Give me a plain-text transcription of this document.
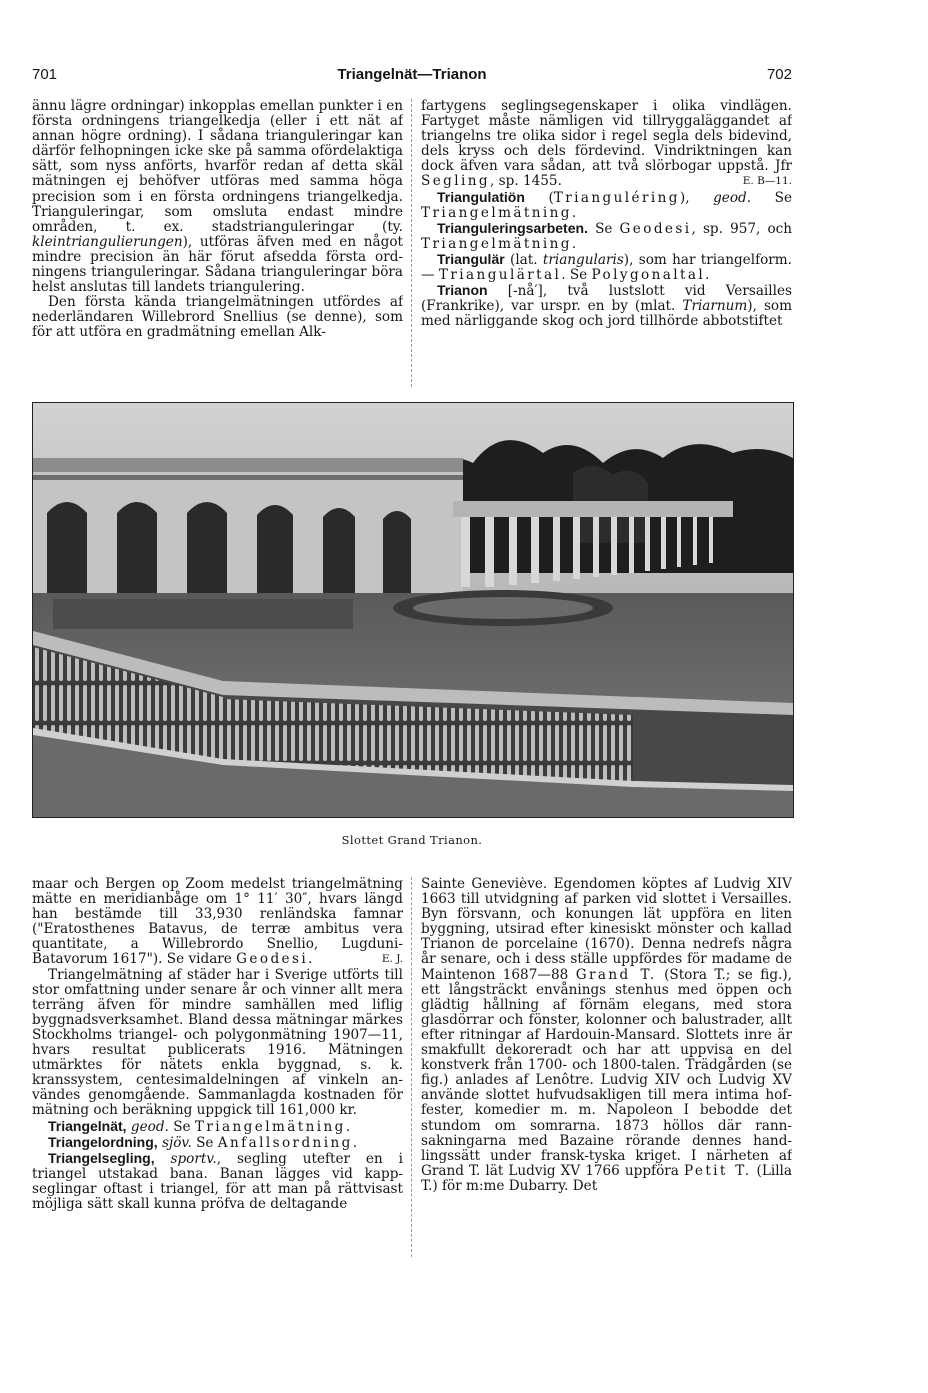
701	Triangelnät—Trianon	702

ännu lägre ordningar) inkopplas emellan punkter i en första ordningens triangelkedja (eller i ett nät af annan högre ordning). I sådana trianguleringar kan därför felhopningen icke ske på samma ofördelaktiga sätt, som nyss anförts, hvarför redan af detta skäl mätningen ej behöfver utföras med samma höga precision som i en första ordningens triangelkedja. Trianguleringar, som omsluta endast mindre områden, t. ex. stadstrianguleringar (ty. kleintriangulierungen), utföras äfven med en något mindre precision än här förut afsedda första ordningens trianguleringar. Sådana trianguleringar böra helst anslutas till landets triangulering.

Den första kända triangelmätningen utfördes af nederländaren Willebrord Snellius (se denne), som för att utföra en gradmätning emellan Alk-

fartygens seglingsegenskaper i olika vindlägen. Fartyget måste nämligen vid tillryggaläggandet af triangelns tre olika sidor i regel segla dels bidevind, dels kryss och dels fördevind. Vindriktningen kan dock äfven vara sådan, att två slörbogar uppstå. Jfr Segling, sp. 1455.	E. B—11.

Triangulatiön (Trianguléring), geod. Se Triangelmätning.

Trianguleringsarbeten. Se Geodesi, sp. 957, och Triangelmätning.

Triangulär (lat. triangularis), som har triangelform. — Triangulärtal. Se Polygonaltal.

Trianon [-nå′], två lustslott vid Versailles (Frankrike), var urspr. en by (mlat. Triarnum), som med närliggande skog och jord tillhörde abbotstiftet

Slottet Grand Trianon.

maar och Bergen op Zoom medelst triangelmätning mätte en meridianbåge om 1° 11′ 30″, hvars längd han bestämde till 33,930 renländska famnar ("Eratosthenes Batavus, de terræ ambitus vera quantitate, a Willebrordo Snellio, Lugduni-Batavorum 1617"). Se vidare Geodesi.	E. J.

Triangelmätning af städer har i Sverige utförts till stor omfattning under senare år och vinner allt mera terräng äfven för mindre samhällen med liflig byggnadsverksamhet. Bland dessa mätningar märkes Stockholms triangel- och polygonmätning 1907—11, hvars resultat publicerats 1916. Mätningen utmärktes för nätets enkla byggnad, s. k. kranssystem, centesimaldelningen af vinkeln användes genomgående. Sammanlagda kostnaden för mätning och beräkning uppgick till 161,000 kr.

Triangelnät, geod. Se Triangelmätning.

Triangelordning, sjöv. Se Anfallsordning.

Triangelsegling, sportv., segling utefter en i triangel utstakad bana. Banan lägges vid kappseglingar oftast i triangel, för att man på rättvisast möjliga sätt skall kunna pröfva de deltagande

Sainte Geneviève. Egendomen köptes af Ludvig XIV 1663 till utvidgning af parken vid slottet i Versailles. Byn försvann, och konungen lät uppföra en liten byggning, utsirad efter kinesiskt mönster och kallad Trianon de porcelaine (1670). Denna nedrefs några år senare, och i dess ställe uppfördes för madame de Maintenon 1687—88 Grand T. (Stora T.; se fig.), ett långsträckt envånings stenhus med öppen och glädtig hållning af förnäm elegans, med stora glasdörrar och fönster, kolonner och balustrader, allt efter ritningar af Hardouin-Mansard. Slottets inre är smakfullt dekoreradt och har att uppvisa en del konstverk från 1700- och 1800-talen. Trädgården (se fig.) anlades af Lenôtre. Ludvig XIV och Ludvig XV använde slottet hufvudsakligen till mera intima hoffester, komedier m. m. Napoleon I bebodde det stundom om somrarna. 1873 höllos där rannsakningarna med Bazaine rörande dennes handlingssätt under fransk-tyska kriget. I närheten af Grand T. lät Ludvig XV 1766 uppföra Petit T. (Lilla T.) för m:me Dubarry. Det
